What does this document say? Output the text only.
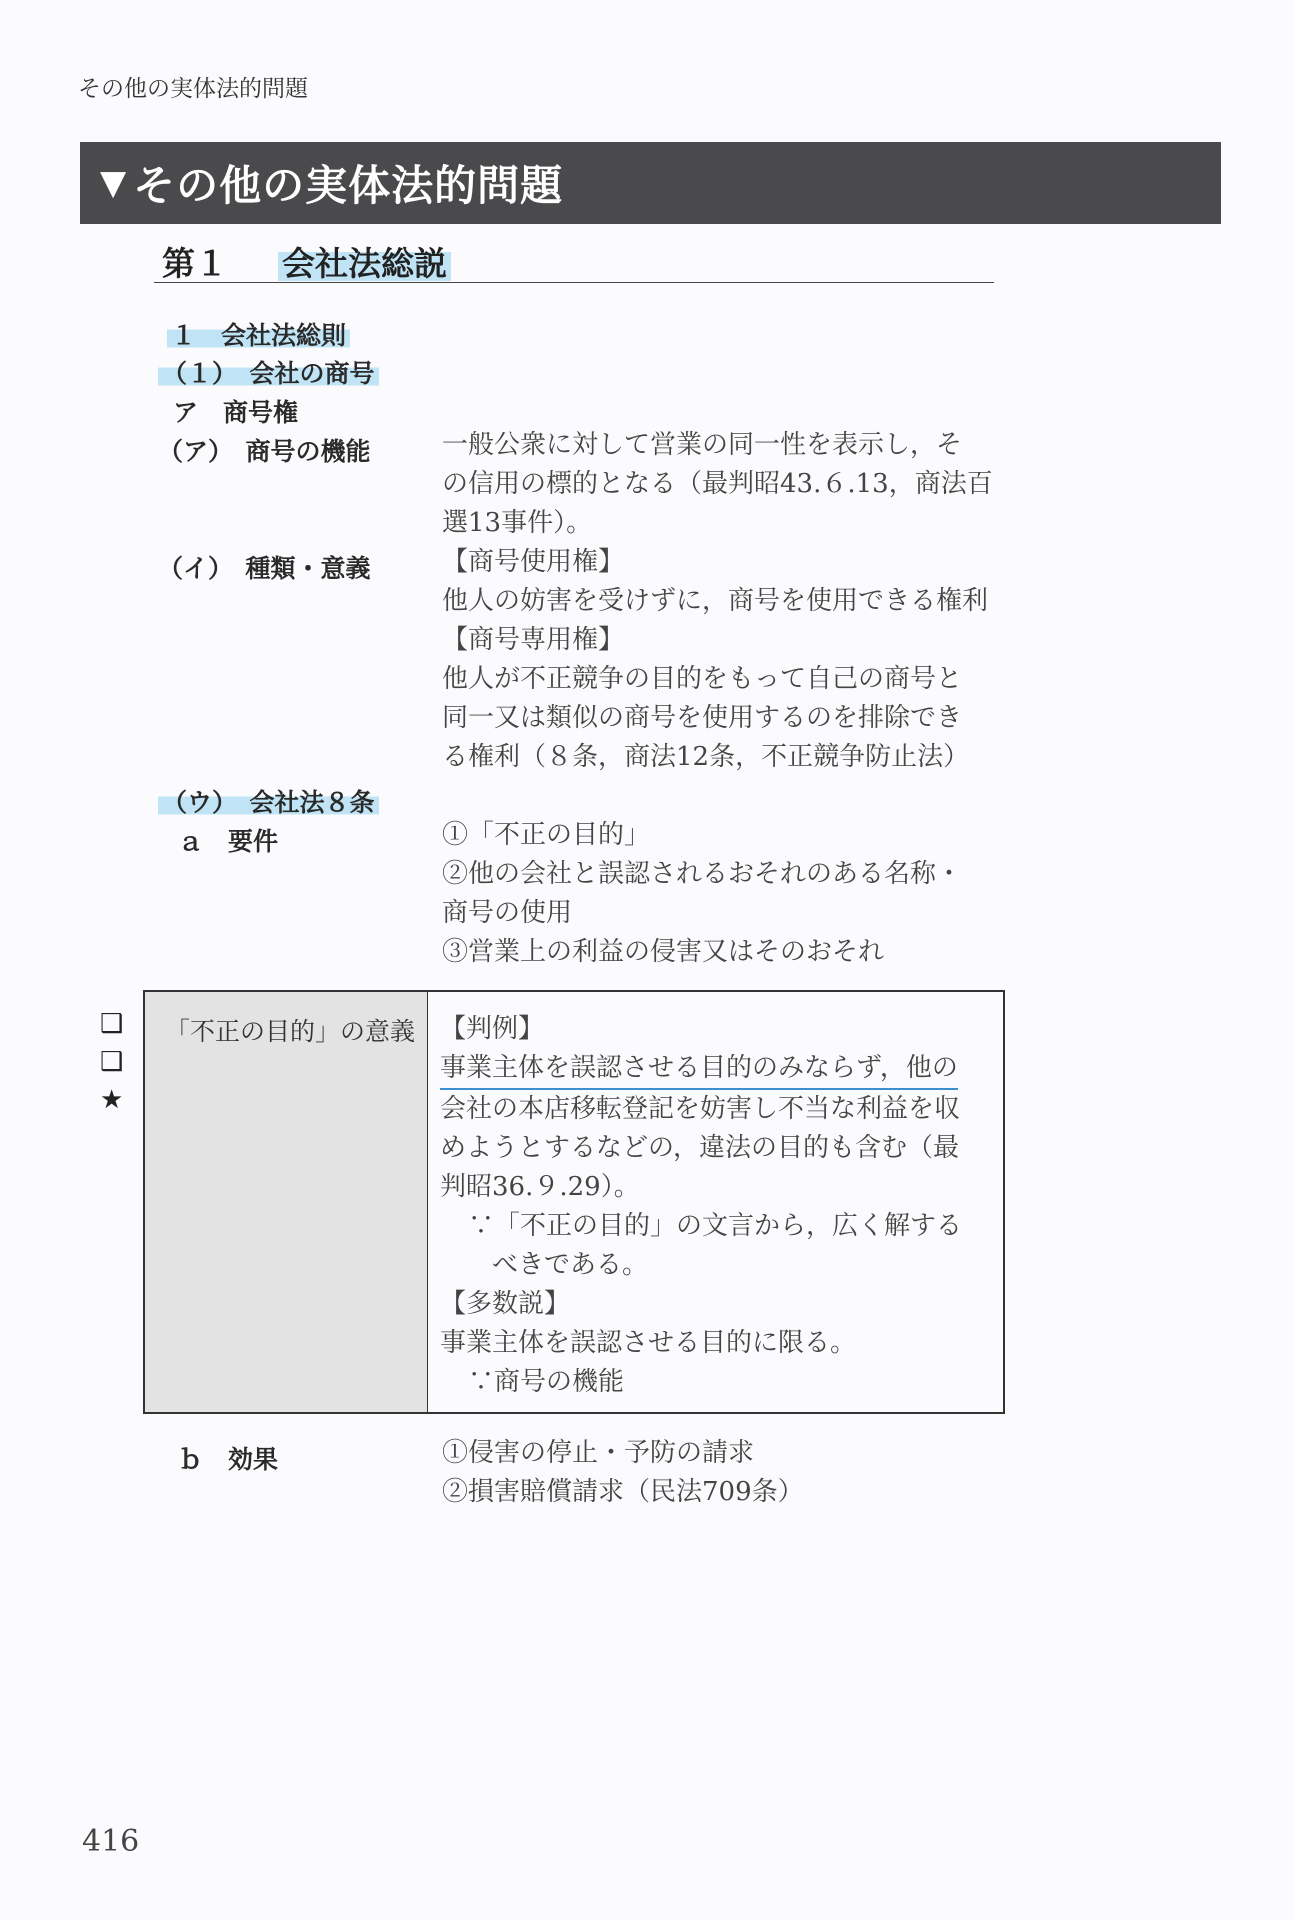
その他の実体法的問題
▼ その他の実体法的問題
第１ 会社法総説
１　会社法総則
（１）　会社の商号
ア　商号権
（ア）　商号の機能	一般公衆に対して営業の同一性を表示し，そ
の信用の標的となる（最判昭43.６.13，商法百
選13事件）。
（イ）　種類・意義	【商号使用権】
他人の妨害を受けずに，商号を使用できる権利
【商号専用権】
他人が不正競争の目的をもって自己の商号と
同一又は類似の商号を使用するのを排除でき
る権利（８条，商法12条，不正競争防止法）
（ウ）　会社法８条
ａ　要件	①「不正の目的」
②他の会社と誤認されるおそれのある名称・
商号の使用
③営業上の利益の侵害又はそのおそれ
❑
❑
★
「不正の目的」の意義 【判例】
事業主体を誤認させる目的のみならず，他の
会社の本店移転登記を妨害し不当な利益を収
めようとするなどの，違法の目的も含む（最
判昭36.９.29）。
∵「不正の目的」の文言から，広く解する
べきである。
【多数説】
事業主体を誤認させる目的に限る。
∵商号の機能
ｂ　効果	①侵害の停止・予防の請求
②損害賠償請求（民法709条）
416
